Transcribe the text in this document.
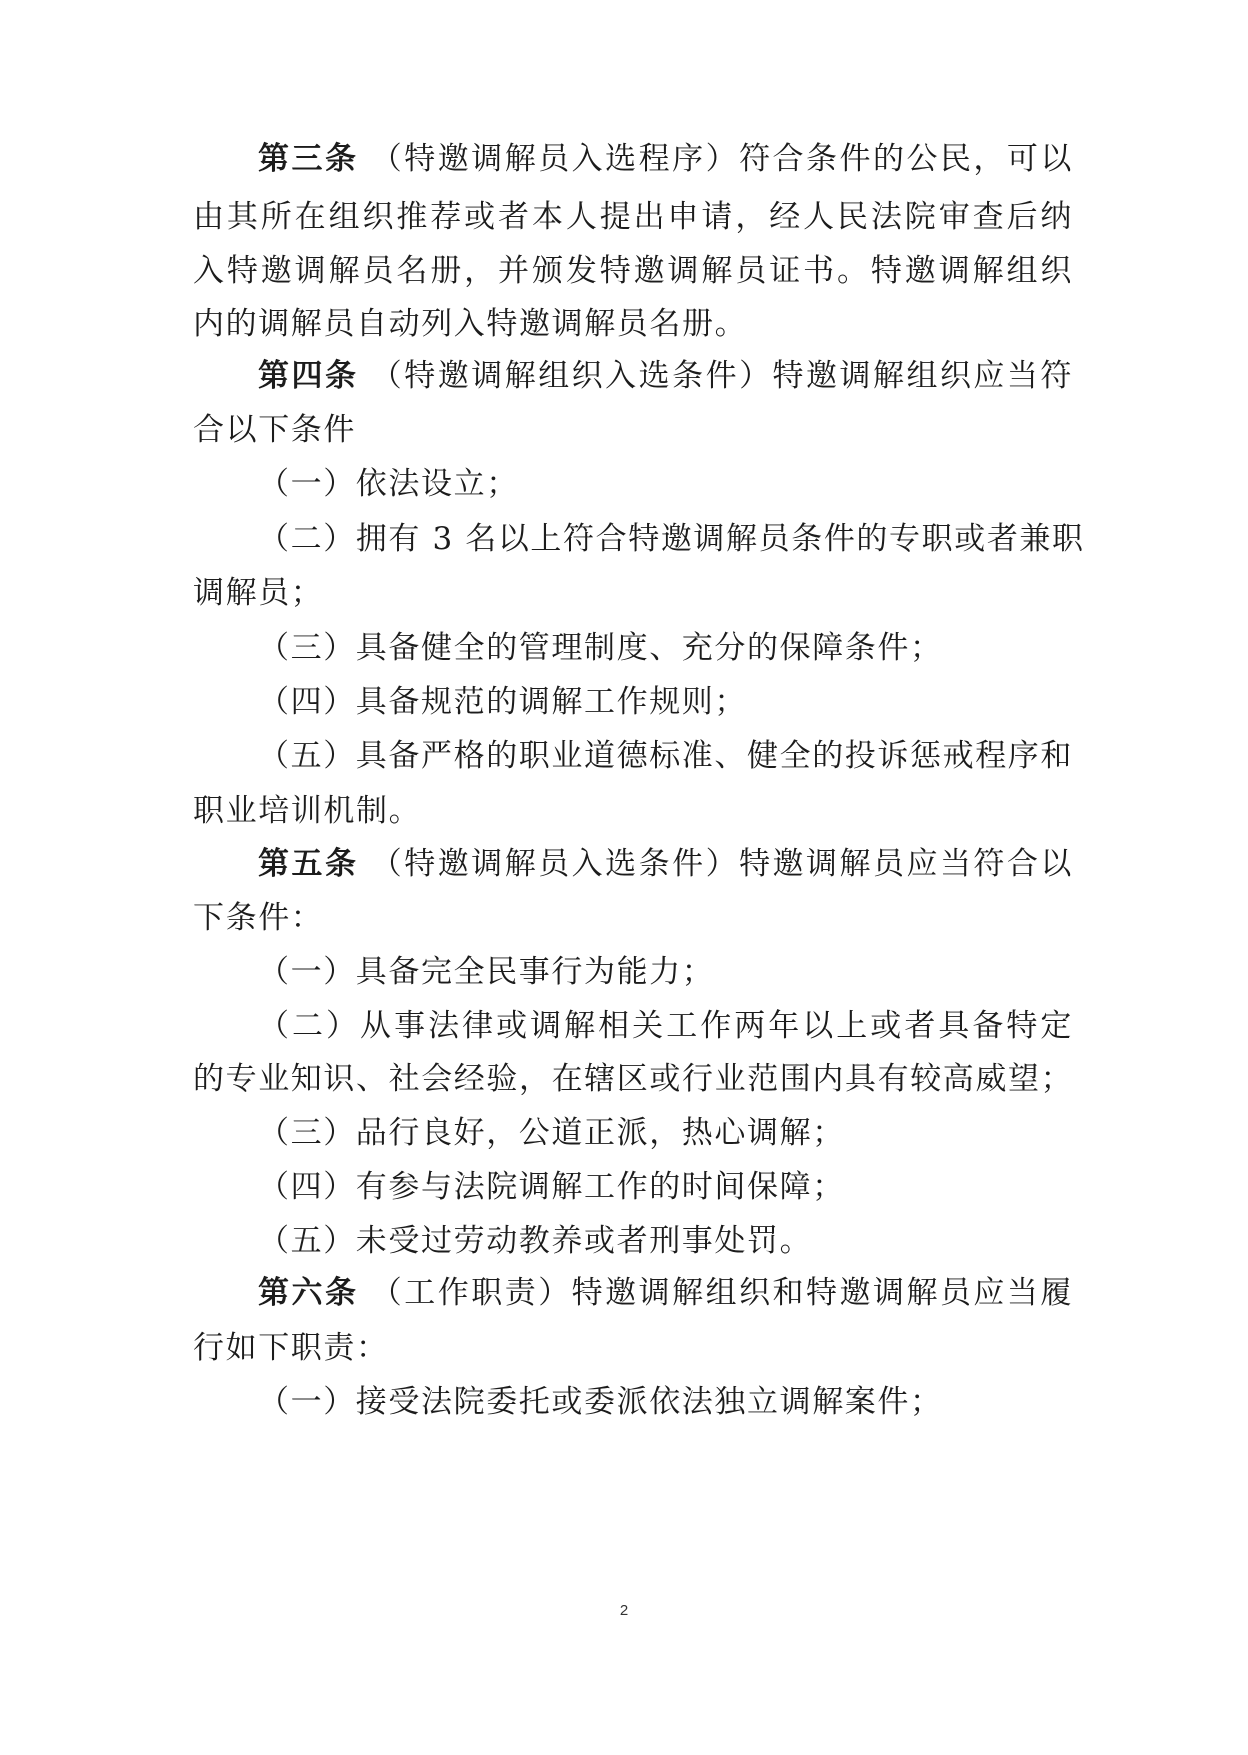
第三条 （特邀调解员入选程序）符合条件的公民，可以
由其所在组织推荐或者本人提出申请，经人民法院审查后纳
入特邀调解员名册，并颁发特邀调解员证书。特邀调解组织
内的调解员自动列入特邀调解员名册。
第四条 （特邀调解组织入选条件）特邀调解组织应当符
合以下条件
（一）依法设立；
（二）拥有 3 名以上符合特邀调解员条件的专职或者兼职
调解员；
（三）具备健全的管理制度、充分的保障条件；
（四）具备规范的调解工作规则；
（五）具备严格的职业道德标准、健全的投诉惩戒程序和
职业培训机制。
第五条 （特邀调解员入选条件）特邀调解员应当符合以
下条件：
（一）具备完全民事行为能力；
（二）从事法律或调解相关工作两年以上或者具备特定
的专业知识、社会经验，在辖区或行业范围内具有较高威望；
（三）品行良好，公道正派，热心调解；
（四）有参与法院调解工作的时间保障；
（五）未受过劳动教养或者刑事处罚。
第六条 （工作职责）特邀调解组织和特邀调解员应当履
行如下职责：
（一）接受法院委托或委派依法独立调解案件；
2
